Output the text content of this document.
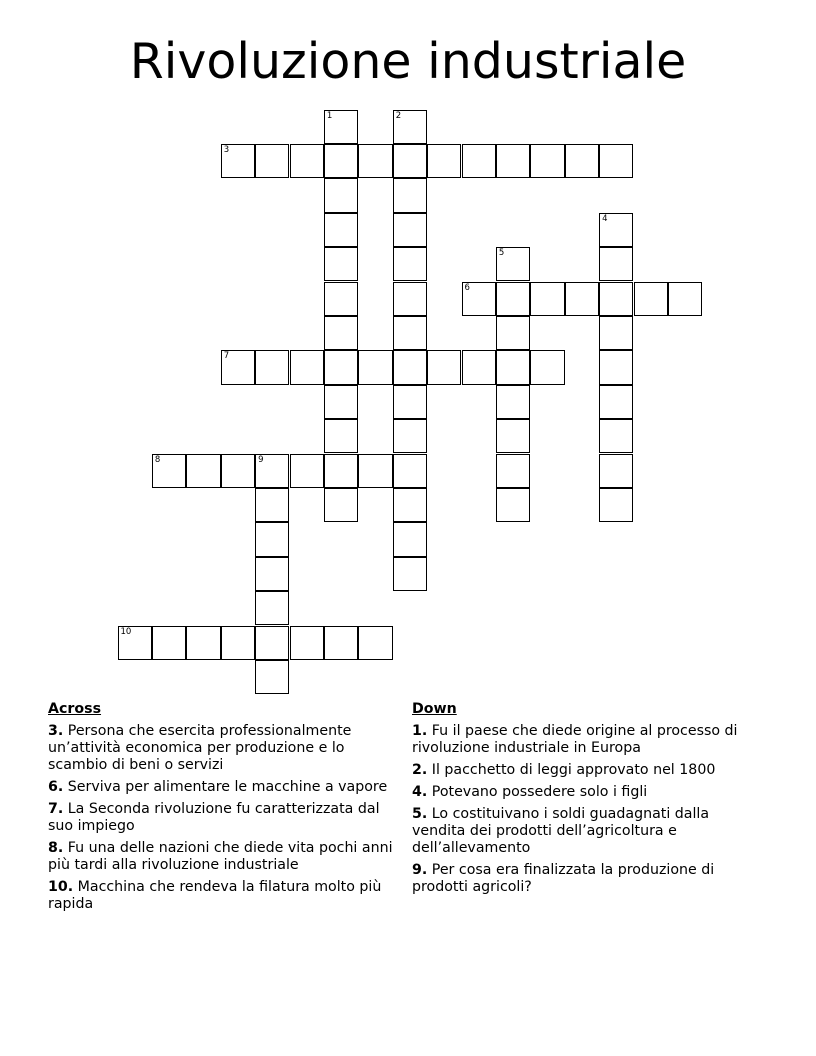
Rivoluzione industriale
1	2
3
4
5
6
7
8	9
10
Across
3. Persona che esercita professionalmente un’attività economica per produzione e lo scambio di beni o servizi
6. Serviva per alimentare le macchine a vapore
7. La Seconda rivoluzione fu caratterizzata dal suo impiego
8. Fu una delle nazioni che diede vita pochi anni più tardi alla rivoluzione industriale
10. Macchina che rendeva la filatura molto più rapida
Down
1. Fu il paese che diede origine al processo di rivoluzione industriale in Europa
2. Il pacchetto di leggi approvato nel 1800
4. Potevano possedere solo i figli
5. Lo costituivano i soldi guadagnati dalla vendita dei prodotti dell’agricoltura e dell’allevamento
9. Per cosa era finalizzata la produzione di prodotti agricoli?
